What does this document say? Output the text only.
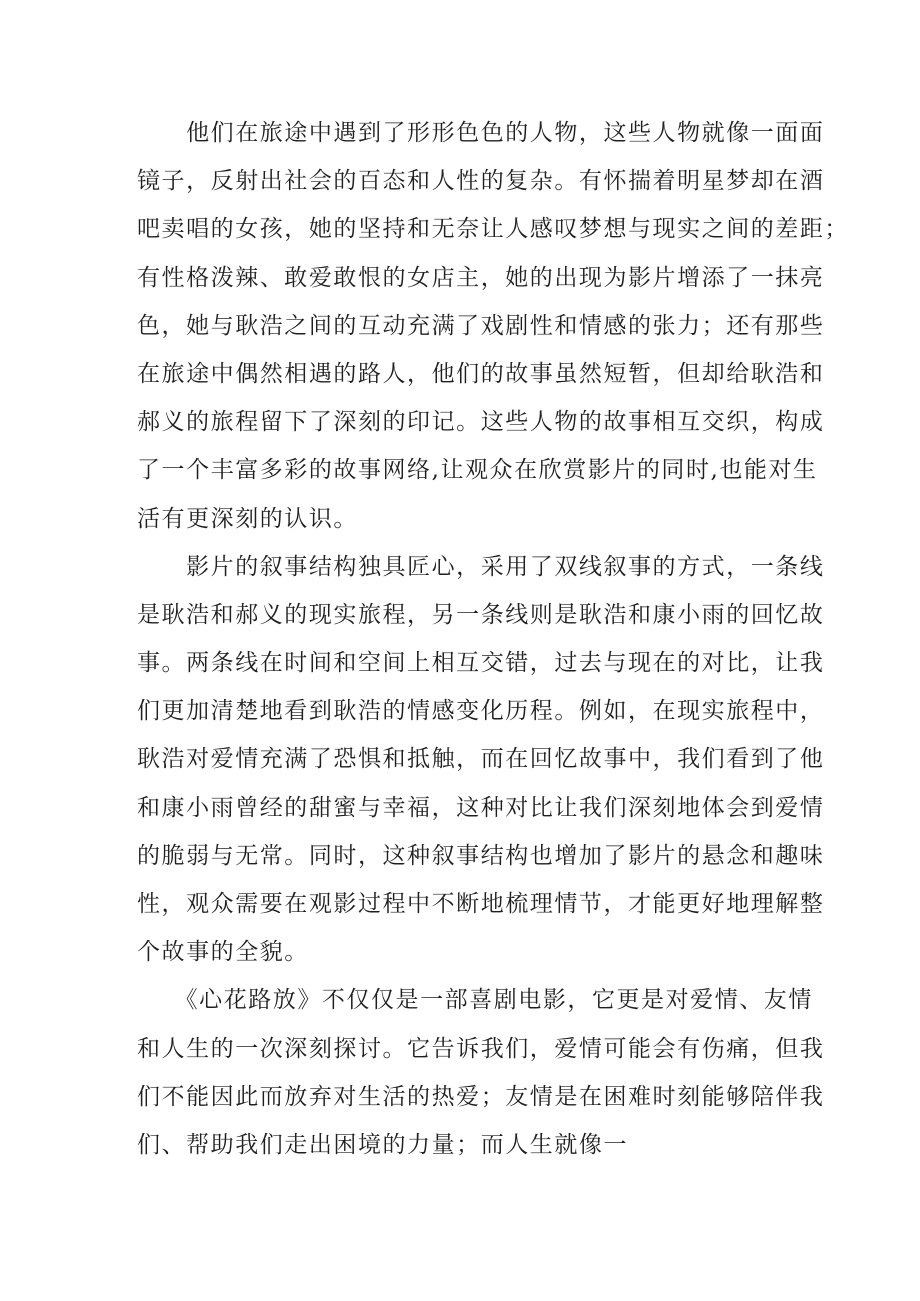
　　他们在旅途中遇到了形形色色的人物，这些人物就像一面面
镜子，反射出社会的百态和人性的复杂。有怀揣着明星梦却在酒
吧卖唱的女孩，她的坚持和无奈让人感叹梦想与现实之间的差距；
有性格泼辣、敢爱敢恨的女店主，她的出现为影片增添了一抹亮
色，她与耿浩之间的互动充满了戏剧性和情感的张力；还有那些
在旅途中偶然相遇的路人，他们的故事虽然短暂，但却给耿浩和
郝义的旅程留下了深刻的印记。这些人物的故事相互交织，构成
了一个丰富多彩的故事网络,让观众在欣赏影片的同时,也能对生
活有更深刻的认识。

　　影片的叙事结构独具匠心，采用了双线叙事的方式，一条线
是耿浩和郝义的现实旅程，另一条线则是耿浩和康小雨的回忆故
事。两条线在时间和空间上相互交错，过去与现在的对比，让我
们更加清楚地看到耿浩的情感变化历程。例如，在现实旅程中，
耿浩对爱情充满了恐惧和抵触，而在回忆故事中，我们看到了他
和康小雨曾经的甜蜜与幸福，这种对比让我们深刻地体会到爱情
的脆弱与无常。同时，这种叙事结构也增加了影片的悬念和趣味
性，观众需要在观影过程中不断地梳理情节，才能更好地理解整
个故事的全貌。

　　《心花路放》不仅仅是一部喜剧电影，它更是对爱情、友情
和人生的一次深刻探讨。它告诉我们，爱情可能会有伤痛，但我
们不能因此而放弃对生活的热爱；友情是在困难时刻能够陪伴我
们、帮助我们走出困境的力量；而人生就像一
